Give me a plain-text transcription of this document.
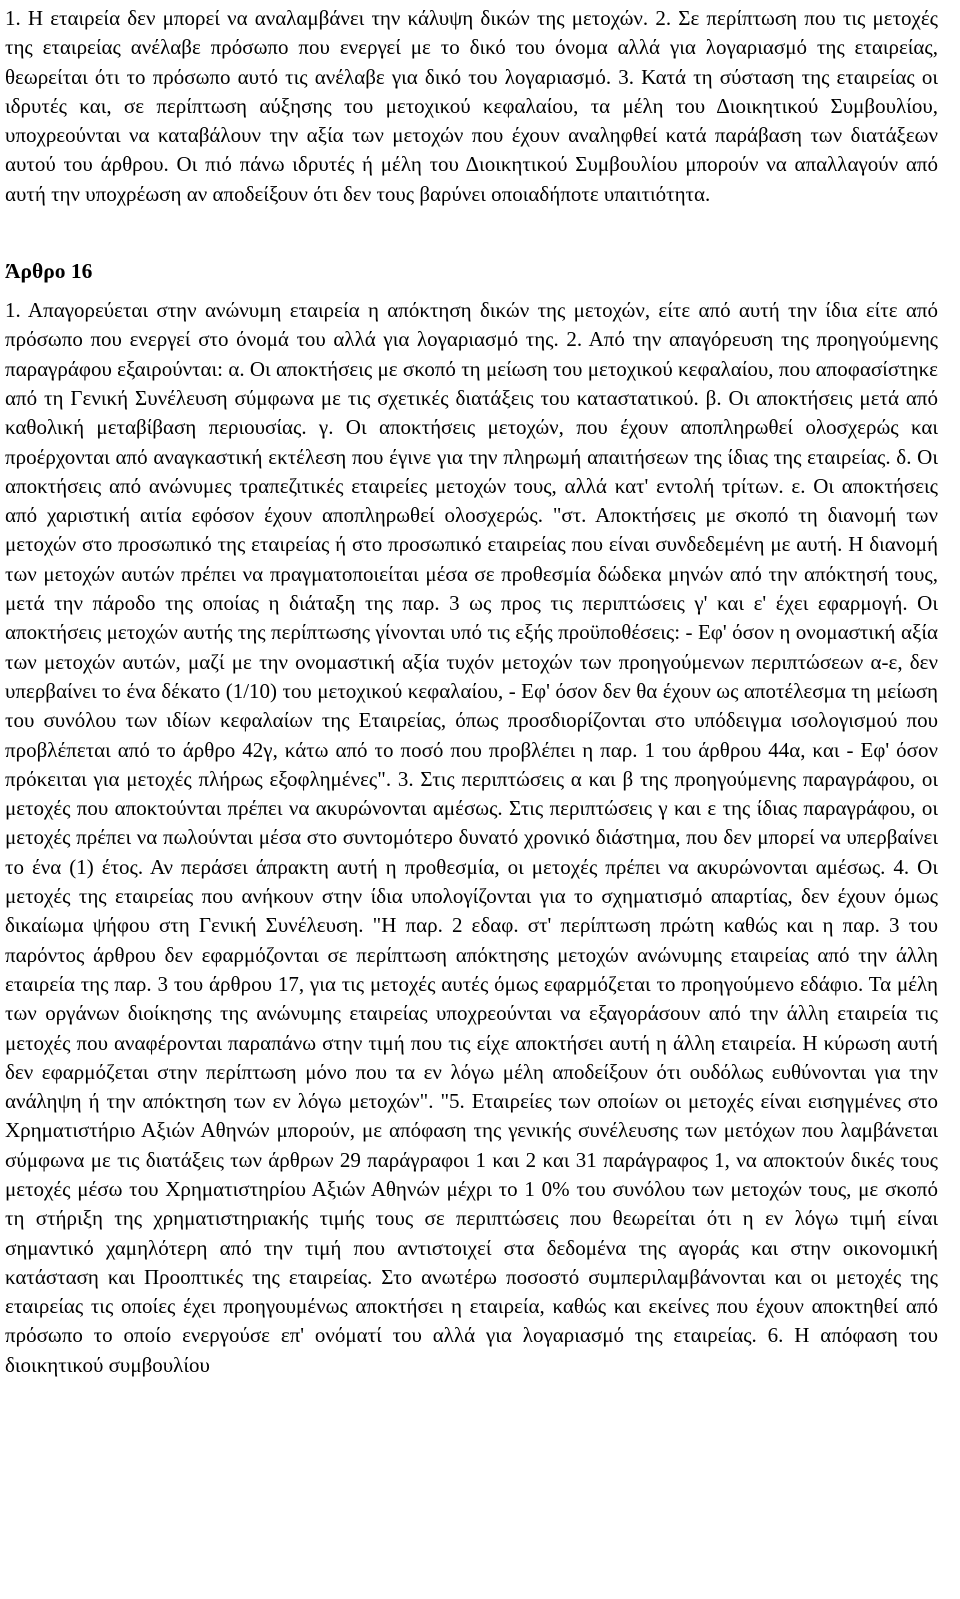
1. Η εταιρεία δεν μπορεί να αναλαμβάνει την κάλυψη δικών της μετοχών. 2. Σε περίπτωση που τις μετοχές της εταιρείας ανέλαβε πρόσωπο που ενεργεί με το δικό του όνομα αλλά για λογαριασμό της εταιρείας, θεωρείται ότι το πρόσωπο αυτό τις ανέλαβε για δικό του λογαριασμό. 3. Κατά τη σύσταση της εταιρείας οι ιδρυτές και, σε περίπτωση αύξησης του μετοχικού κεφαλαίου, τα μέλη του Διοικητικού Συμβουλίου, υποχρεούνται να καταβάλουν την αξία των μετοχών που έχουν αναληφθεί κατά παράβαση των διατάξεων αυτού του άρθρου. Οι πιό πάνω ιδρυτές ή μέλη του Διοικητικού Συμβουλίου μπορούν να απαλλαγούν από αυτή την υποχρέωση αν αποδείξουν ότι δεν τους βαρύνει οποιαδήποτε υπαιτιότητα.

Άρθρο 16

1. Απαγορεύεται στην ανώνυμη εταιρεία η απόκτηση δικών της μετοχών, είτε από αυτή την ίδια είτε από πρόσωπο που ενεργεί στο όνομά του αλλά για λογαριασμό της. 2. Από την απαγόρευση της προηγούμενης παραγράφου εξαιρούνται: α. Οι αποκτήσεις με σκοπό τη μείωση του μετοχικού κεφαλαίου, που αποφασίστηκε από τη Γενική Συνέλευση σύμφωνα με τις σχετικές διατάξεις του καταστατικού. β. Οι αποκτήσεις μετά από καθολική μεταβίβαση περιουσίας. γ. Οι αποκτήσεις μετοχών, που έχουν αποπληρωθεί ολοσχερώς και προέρχονται από αναγκαστική εκτέλεση που έγινε για την πληρωμή απαιτήσεων της ίδιας της εταιρείας. δ. Οι αποκτήσεις από ανώνυμες τραπεζιτικές εταιρείες μετοχών τους, αλλά κατ' εντολή τρίτων. ε. Οι αποκτήσεις από χαριστική αιτία εφόσον έχουν αποπληρωθεί ολοσχερώς. "στ. Αποκτήσεις με σκοπό τη διανομή των μετοχών στο προσωπικό της εταιρείας ή στο προσωπικό εταιρείας που είναι συνδεδεμένη με αυτή. Η διανομή των μετοχών αυτών πρέπει να πραγματοποιείται μέσα σε προθεσμία δώδεκα μηνών από την απόκτησή τους, μετά την πάροδο της οποίας η διάταξη της παρ. 3 ως προς τις περιπτώσεις γ' και ε' έχει εφαρμογή. Οι αποκτήσεις μετοχών αυτής της περίπτωσης γίνονται υπό τις εξής προϋποθέσεις: - Εφ' όσον η ονομαστική αξία των μετοχών αυτών, μαζί με την ονομαστική αξία τυχόν μετοχών των προηγούμενων περιπτώσεων α-ε, δεν υπερβαίνει το ένα δέκατο (1/10) του μετοχικού κεφαλαίου, - Εφ' όσον δεν θα έχουν ως αποτέλεσμα τη μείωση του συνόλου των ιδίων κεφαλαίων της Εταιρείας, όπως προσδιορίζονται στο υπόδειγμα ισολογισμού που προβλέπεται από το άρθρο 42γ, κάτω από το ποσό που προβλέπει η παρ. 1 του άρθρου 44α, και - Εφ' όσον πρόκειται για μετοχές πλήρως εξοφλημένες". 3. Στις περιπτώσεις α και β της προηγούμενης παραγράφου, οι μετοχές που αποκτούνται πρέπει να ακυρώνονται αμέσως. Στις περιπτώσεις γ και ε της ίδιας παραγράφου, οι μετοχές πρέπει να πωλούνται μέσα στο συντομότερο δυνατό χρονικό διάστημα, που δεν μπορεί να υπερβαίνει το ένα (1) έτος. Αν περάσει άπρακτη αυτή η προθεσμία, οι μετοχές πρέπει να ακυρώνονται αμέσως. 4. Οι μετοχές της εταιρείας που ανήκουν στην ίδια υπολογίζονται για το σχηματισμό απαρτίας, δεν έχουν όμως δικαίωμα ψήφου στη Γενική Συνέλευση. "Η παρ. 2 εδαφ. στ' περίπτωση πρώτη καθώς και η παρ. 3 του παρόντος άρθρου δεν εφαρμόζονται σε περίπτωση απόκτησης μετοχών ανώνυμης εταιρείας από την άλλη εταιρεία της παρ. 3 του άρθρου 17, για τις μετοχές αυτές όμως εφαρμόζεται το προηγούμενο εδάφιο. Τα μέλη των οργάνων διοίκησης της ανώνυμης εταιρείας υποχρεούνται να εξαγοράσουν από την άλλη εταιρεία τις μετοχές που αναφέρονται παραπάνω στην τιμή που τις είχε αποκτήσει αυτή η άλλη εταιρεία. Η κύρωση αυτή δεν εφαρμόζεται στην περίπτωση μόνο που τα εν λόγω μέλη αποδείξουν ότι ουδόλως ευθύνονται για την ανάληψη ή την απόκτηση των εν λόγω μετοχών". "5. Εταιρείες των οποίων οι μετοχές είναι εισηγμένες στο Χρηματιστήριο Αξιών Αθηνών μπορούν, με απόφαση της γενικής συνέλευσης των μετόχων που λαμβάνεται σύμφωνα με τις διατάξεις των άρθρων 29 παράγραφοι 1 και 2 και 31 παράγραφος 1, να αποκτούν δικές τους μετοχές μέσω του Χρηματιστηρίου Αξιών Αθηνών μέχρι το 1 0% του συνόλου των μετοχών τους, με σκοπό τη στήριξη της χρηματιστηριακής τιμής τους σε περιπτώσεις που θεωρείται ότι η εν λόγω τιμή είναι σημαντικό χαμηλότερη από την τιμή που αντιστοιχεί στα δεδομένα της αγοράς και στην οικονομική κατάσταση και Προοπτικές της εταιρείας. Στο ανωτέρω ποσοστό συμπεριλαμβάνονται και οι μετοχές της εταιρείας τις οποίες έχει προηγουμένως αποκτήσει η εταιρεία, καθώς και εκείνες που έχουν αποκτηθεί από πρόσωπο το οποίο ενεργούσε επ' ονόματί του αλλά για λογαριασμό της εταιρείας. 6. Η απόφαση του διοικητικού συμβουλίου
